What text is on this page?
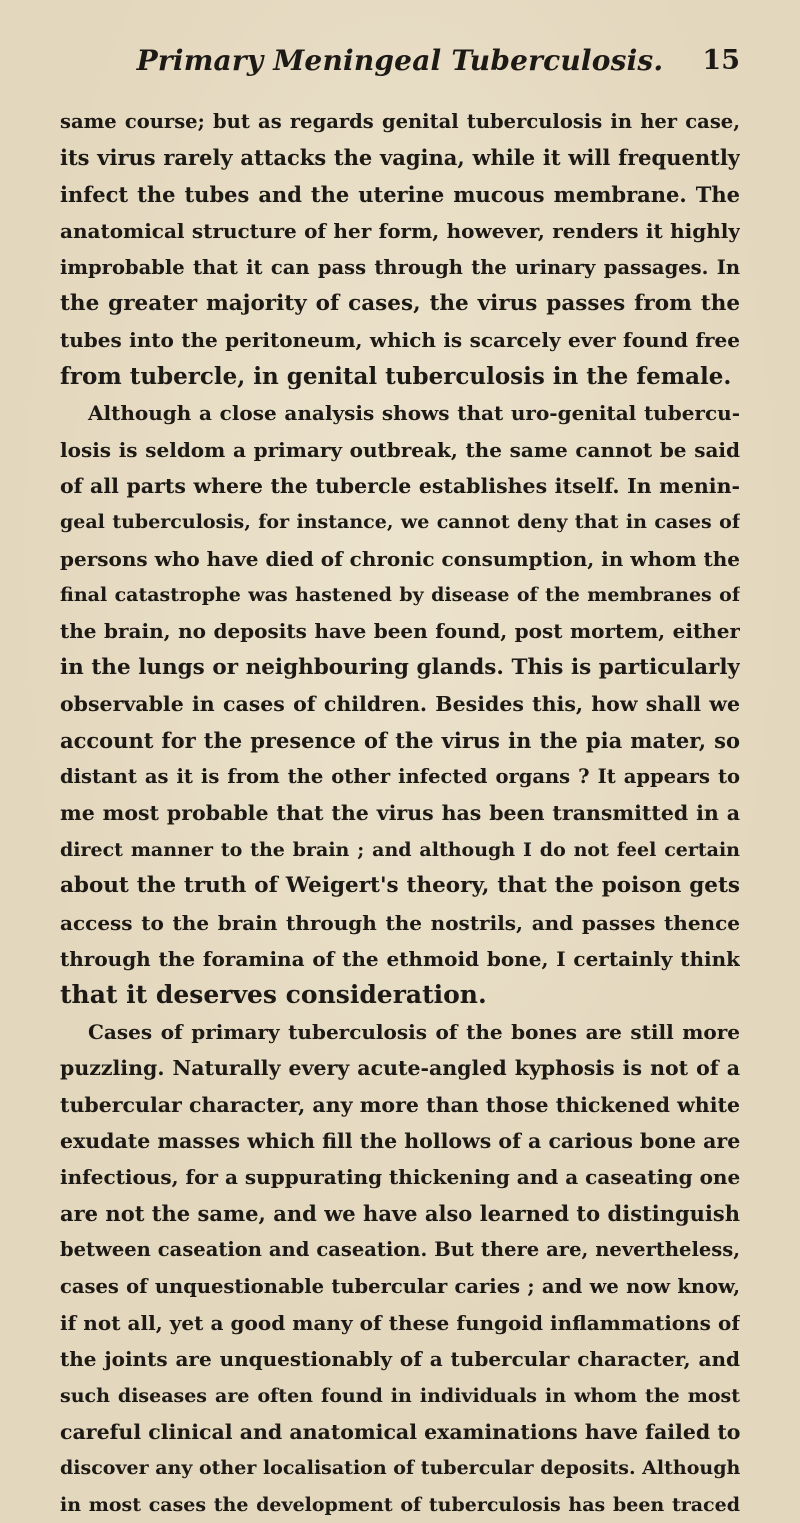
Primary Meningeal Tuberculosis.	15
same course; but as regards genital tuberculosis in her case,
its virus rarely attacks the vagina, while it will frequently
infect the tubes and the uterine mucous membrane. The
anatomical structure of her form, however, renders it highly
improbable that it can pass through the urinary passages. In
the greater majority of cases, the virus passes from the
tubes into the peritoneum, which is scarcely ever found free
from tubercle, in genital tuberculosis in the female.
Although a close analysis shows that uro-genital tubercu-
losis is seldom a primary outbreak, the same cannot be said
of all parts where the tubercle establishes itself. In menin-
geal tuberculosis, for instance, we cannot deny that in cases of
persons who have died of chronic consumption, in whom the
final catastrophe was hastened by disease of the membranes of
the brain, no deposits have been found, post mortem, either
in the lungs or neighbouring glands. This is particularly
observable in cases of children. Besides this, how shall we
account for the presence of the virus in the pia mater, so
distant as it is from the other infected organs ? It appears to
me most probable that the virus has been transmitted in a
direct manner to the brain ; and although I do not feel certain
about the truth of Weigert's theory, that the poison gets
access to the brain through the nostrils, and passes thence
through the foramina of the ethmoid bone, I certainly think
that it deserves consideration.
Cases of primary tuberculosis of the bones are still more
puzzling. Naturally every acute-angled kyphosis is not of a
tubercular character, any more than those thickened white
exudate masses which fill the hollows of a carious bone are
infectious, for a suppurating thickening and a caseating one
are not the same, and we have also learned to distinguish
between caseation and caseation. But there are, nevertheless,
cases of unquestionable tubercular caries ; and we now know,
if not all, yet a good many of these fungoid inflammations of
the joints are unquestionably of a tubercular character, and
such diseases are often found in individuals in whom the most
careful clinical and anatomical examinations have failed to
discover any other localisation of tubercular deposits. Although
in most cases the development of tuberculosis has been traced
